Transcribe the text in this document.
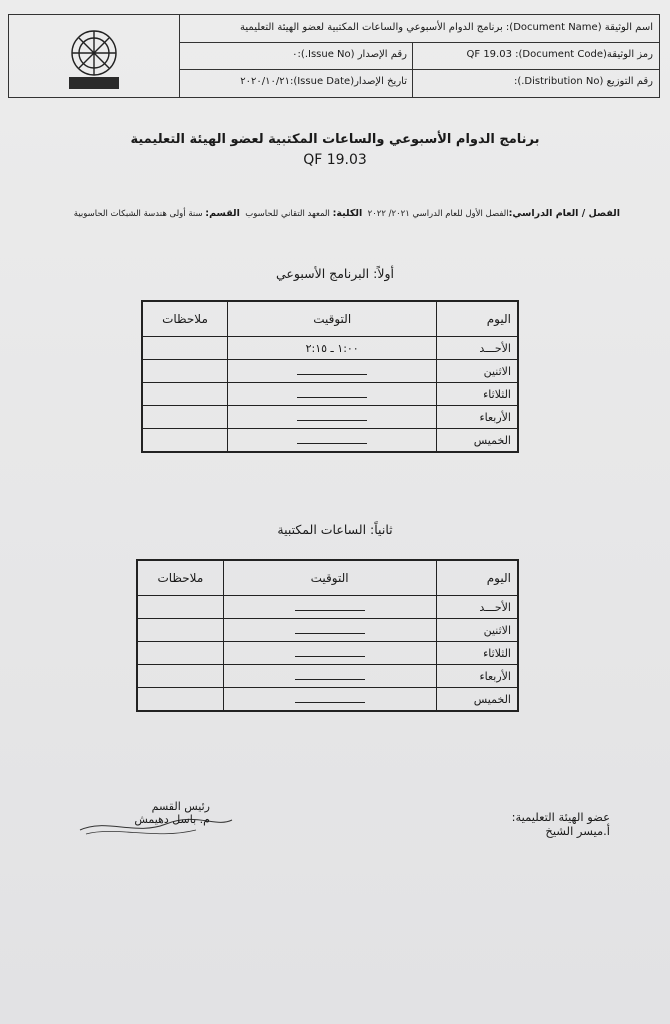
اسم الوثيقة (Document Name): برنامج الدوام الأسبوعي والساعات المكتبية لعضو الهيئة التعليمية
رمز الوثيقة(Document Code): QF 19.03
رقم الإصدار (Issue No.):٠
رقم التوزيع (Distribution No.):
تاريخ الإصدار(Issue Date):٢٠٢٠/١٠/٢١
برنامج الدوام الأسبوعي والساعات المكتبية لعضو الهيئة التعليمية
QF 19.03
الفصل / العام الدراسي:الفصل الأول للعام الدراسي ٢٠٢١/ ٢٠٢٢  الكلية: المعهد التقاني للحاسوب  القسم: سنة أولى هندسة الشبكات الحاسوبية
أولاً: البرنامج الأسبوعي
اليوم	التوقيت	ملاحظات
الأحـــد	١:٠٠ ـ ٢:١٥	
الاثنين		
الثلاثاء		
الأربعاء		
الخميس		
ثانياً: الساعات المكتبية
اليوم	التوقيت	ملاحظات
الأحـــد		
الاثنين		
الثلاثاء		
الأربعاء		
الخميس		
رئيس القسم
م. باسل دهيمش	عضو الهيئة التعليمية:
أ.ميسر الشيخ
